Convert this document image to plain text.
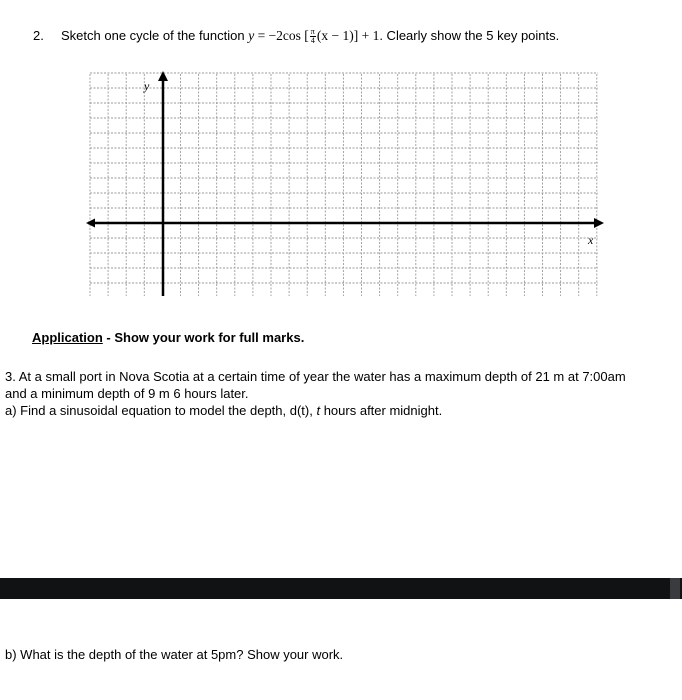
2. Sketch one cycle of the function y = −2cos [ $\frac{\pi}{4} (x - 1)] + 1$. Clearly show the 5 key points.
y
x
Application - Show your work for full marks.
3. At a small port in Nova Scotia at a certain time of year the water has a maximum depth of 21 m at 7:00am
and a minimum depth of 9 m 6 hours later.
a) Find a sinusoidal equation to model the depth, d(t), t hours after midnight.
b) What is the depth of the water at 5pm? Show your work.
